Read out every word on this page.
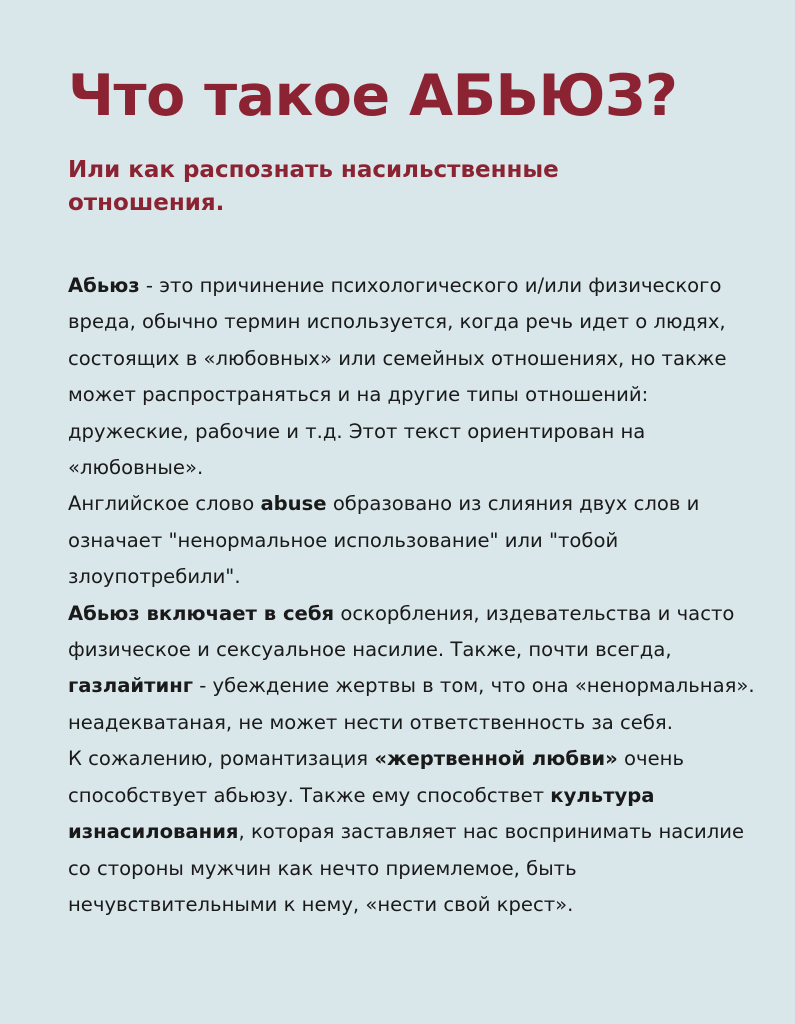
Что такое АБЬЮЗ?
Или как распознать насильственные отношения.

Абьюз - это причинение психологического и/или физического вреда, обычно термин используется, когда речь идет о людях, состоящих в «любовных» или семейных отношениях, но также может распространяться и на другие типы отношений: дружеские, рабочие и т.д. Этот текст ориентирован на «любовные».

Английское слово abuse образовано из слияния двух слов и означает "ненормальное использование" или "тобой злоупотребили".

Абьюз включает в себя оскорбления, издевательства и часто физическое и сексуальное насилие. Также, почти всегда, газлайтинг - убеждение жертвы в том, что она «ненормальная». неадекватаная, не может нести ответственность за себя.

К сожалению, романтизация «жертвенной любви» очень способствует абьюзу. Также ему способствет культура изнасилования, которая заставляет нас воспринимать насилие со стороны мужчин как нечто приемлемое, быть нечувствительными к нему, «нести свой крест».
